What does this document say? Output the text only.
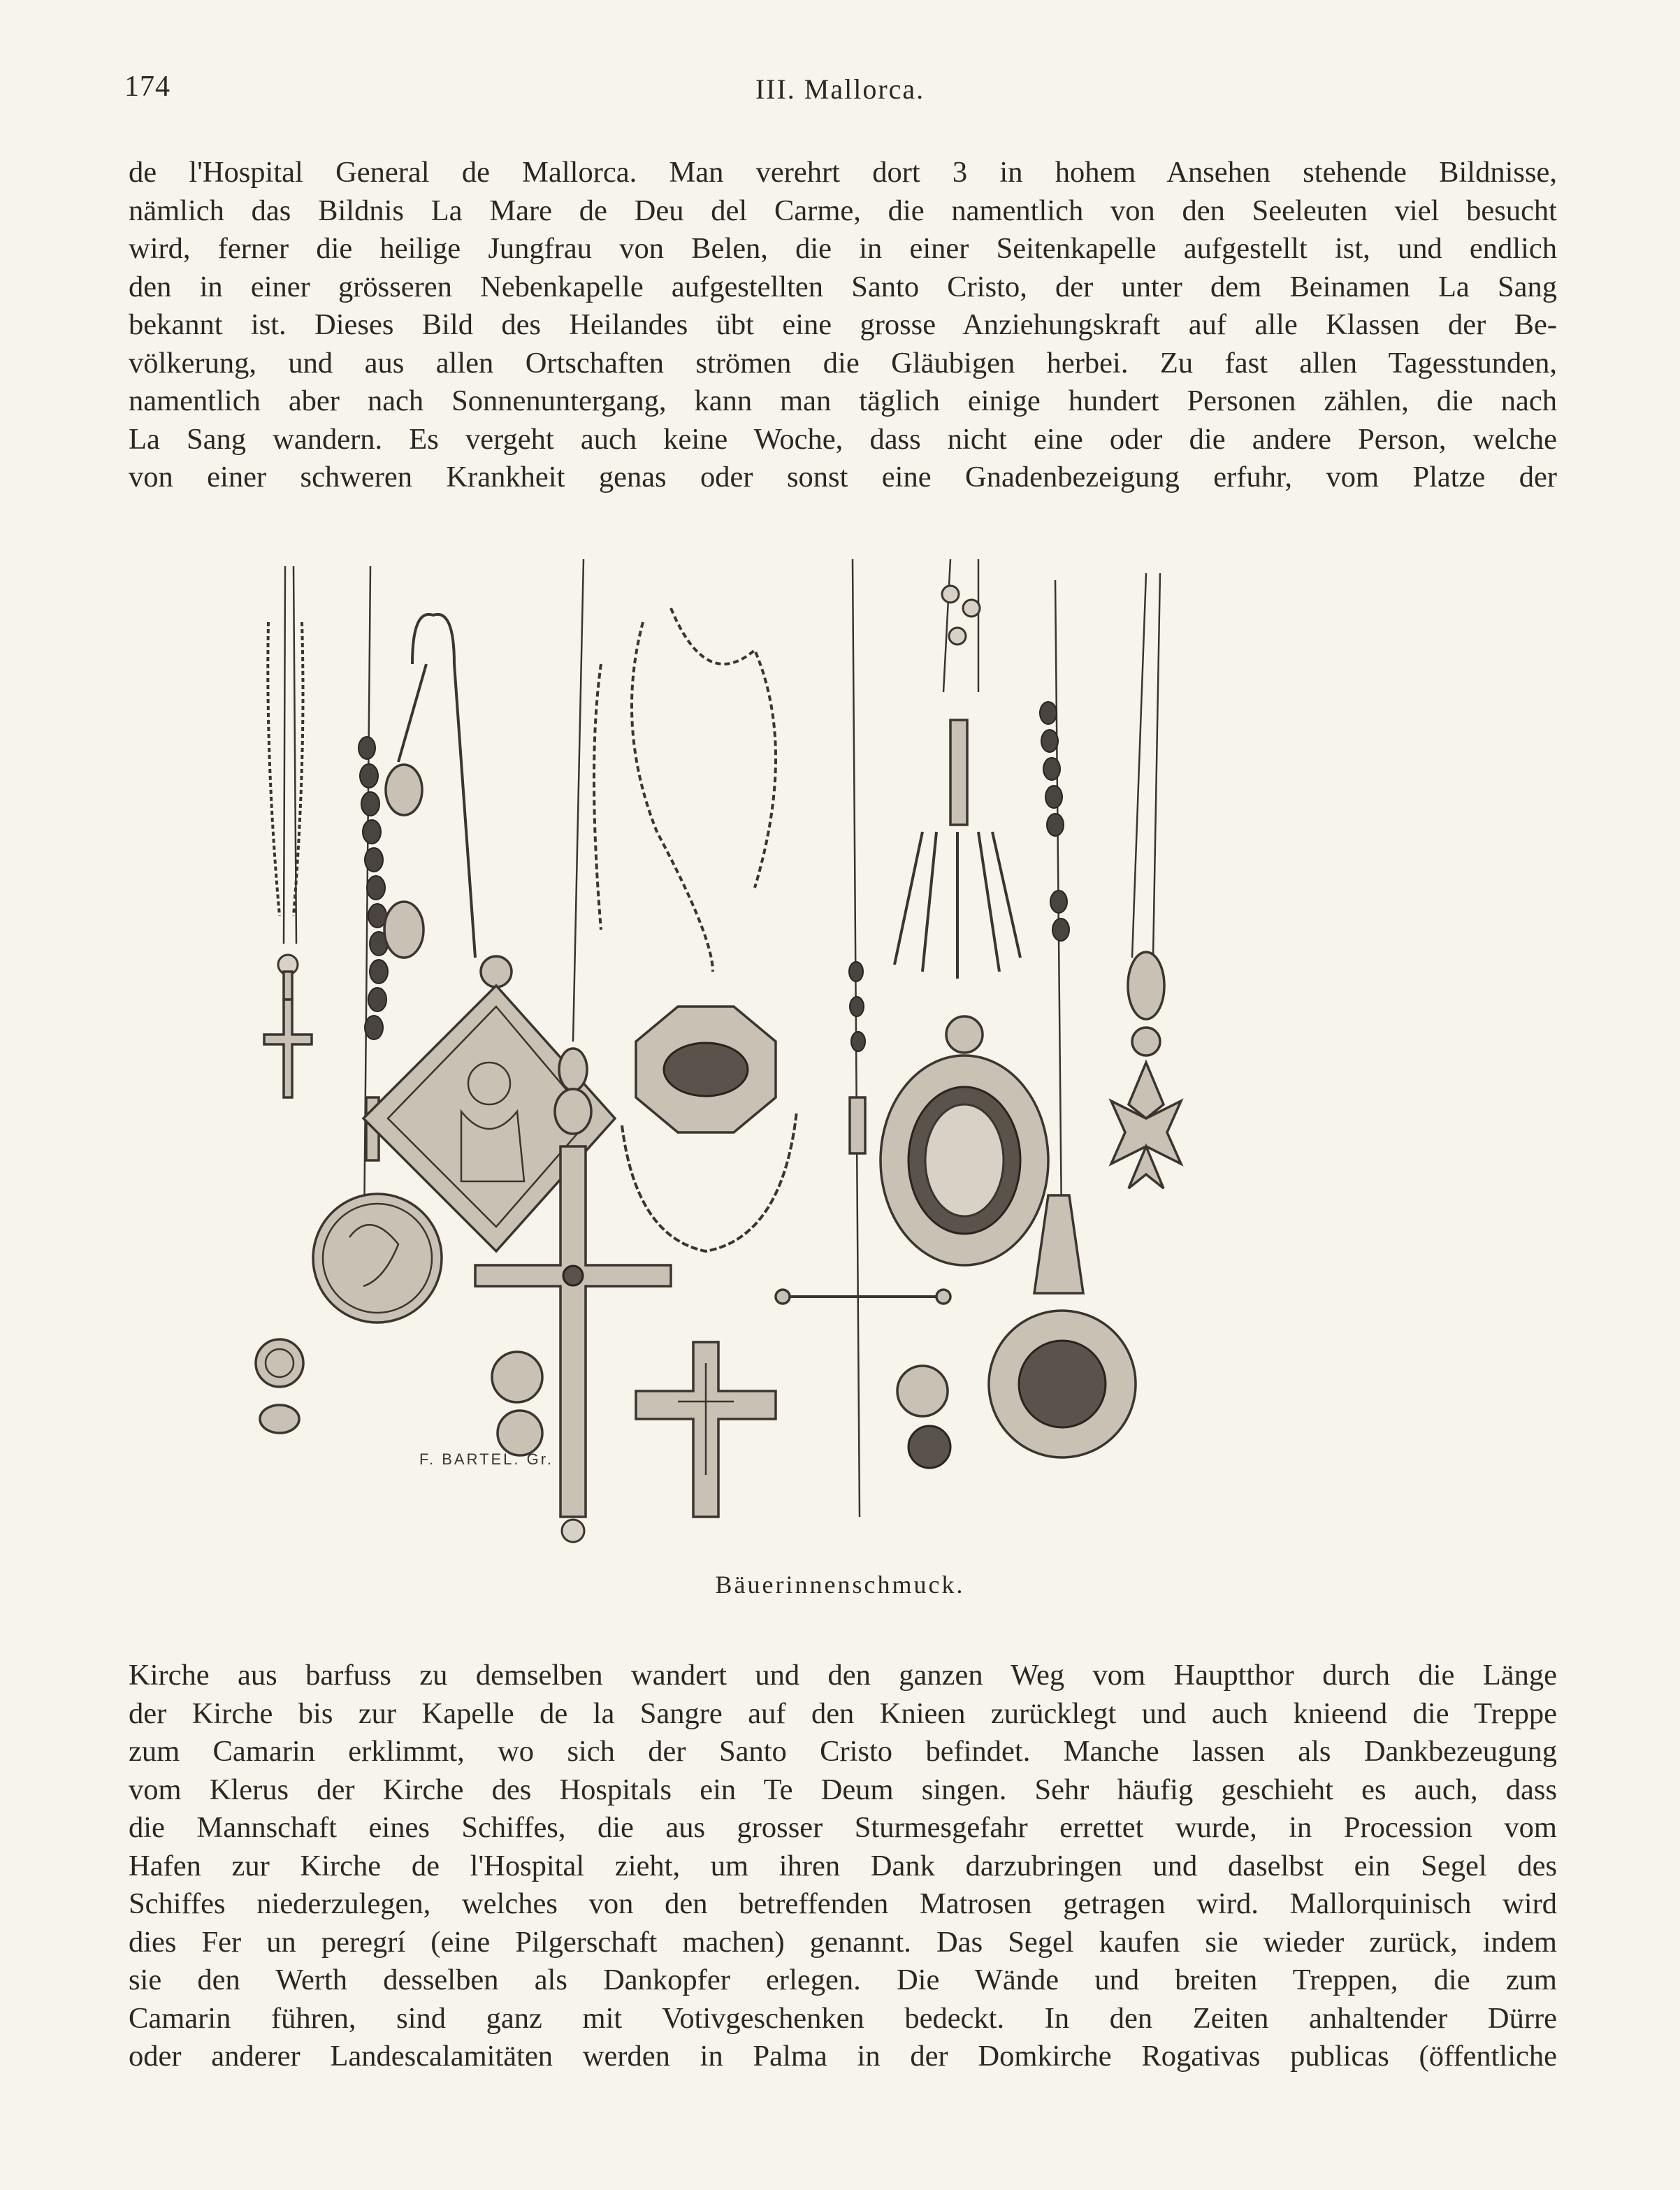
174	III. Mallorca.
de l'Hospital General de Mallorca. Man verehrt dort 3 in hohem Ansehen stehende Bildnisse,
nämlich das Bildnis La Mare de Deu del Carme, die namentlich von den Seeleuten viel besucht
wird, ferner die heilige Jungfrau von Belen, die in einer Seitenkapelle aufgestellt ist, und endlich
den in einer grösseren Nebenkapelle aufgestellten Santo Cristo, der unter dem Beinamen La Sang
bekannt ist. Dieses Bild des Heilandes übt eine grosse Anziehungskraft auf alle Klassen der Be-
völkerung, und aus allen Ortschaften strömen die Gläubigen herbei. Zu fast allen Tagesstunden,
namentlich aber nach Sonnenuntergang, kann man täglich einige hundert Personen zählen, die nach
La Sang wandern. Es vergeht auch keine Woche, dass nicht eine oder die andere Person, welche
von einer schweren Krankheit genas oder sonst eine Gnadenbezeigung erfuhr, vom Platze der
F. BARTEL. Gr.
Bäuerinnenschmuck.
Kirche aus barfuss zu demselben wandert und den ganzen Weg vom Hauptthor durch die Länge
der Kirche bis zur Kapelle de la Sangre auf den Knieen zurücklegt und auch knieend die Treppe
zum Camarin erklimmt, wo sich der Santo Cristo befindet. Manche lassen als Dankbezeugung
vom Klerus der Kirche des Hospitals ein Te Deum singen. Sehr häufig geschieht es auch, dass
die Mannschaft eines Schiffes, die aus grosser Sturmesgefahr errettet wurde, in Procession vom
Hafen zur Kirche de l'Hospital zieht, um ihren Dank darzubringen und daselbst ein Segel des
Schiffes niederzulegen, welches von den betreffenden Matrosen getragen wird. Mallorquinisch wird
dies Fer un peregrí (eine Pilgerschaft machen) genannt. Das Segel kaufen sie wieder zurück, indem
sie den Werth desselben als Dankopfer erlegen. Die Wände und breiten Treppen, die zum
Camarin führen, sind ganz mit Votivgeschenken bedeckt. In den Zeiten anhaltender Dürre
oder anderer Landescalamitäten werden in Palma in der Domkirche Rogativas publicas (öffentliche
